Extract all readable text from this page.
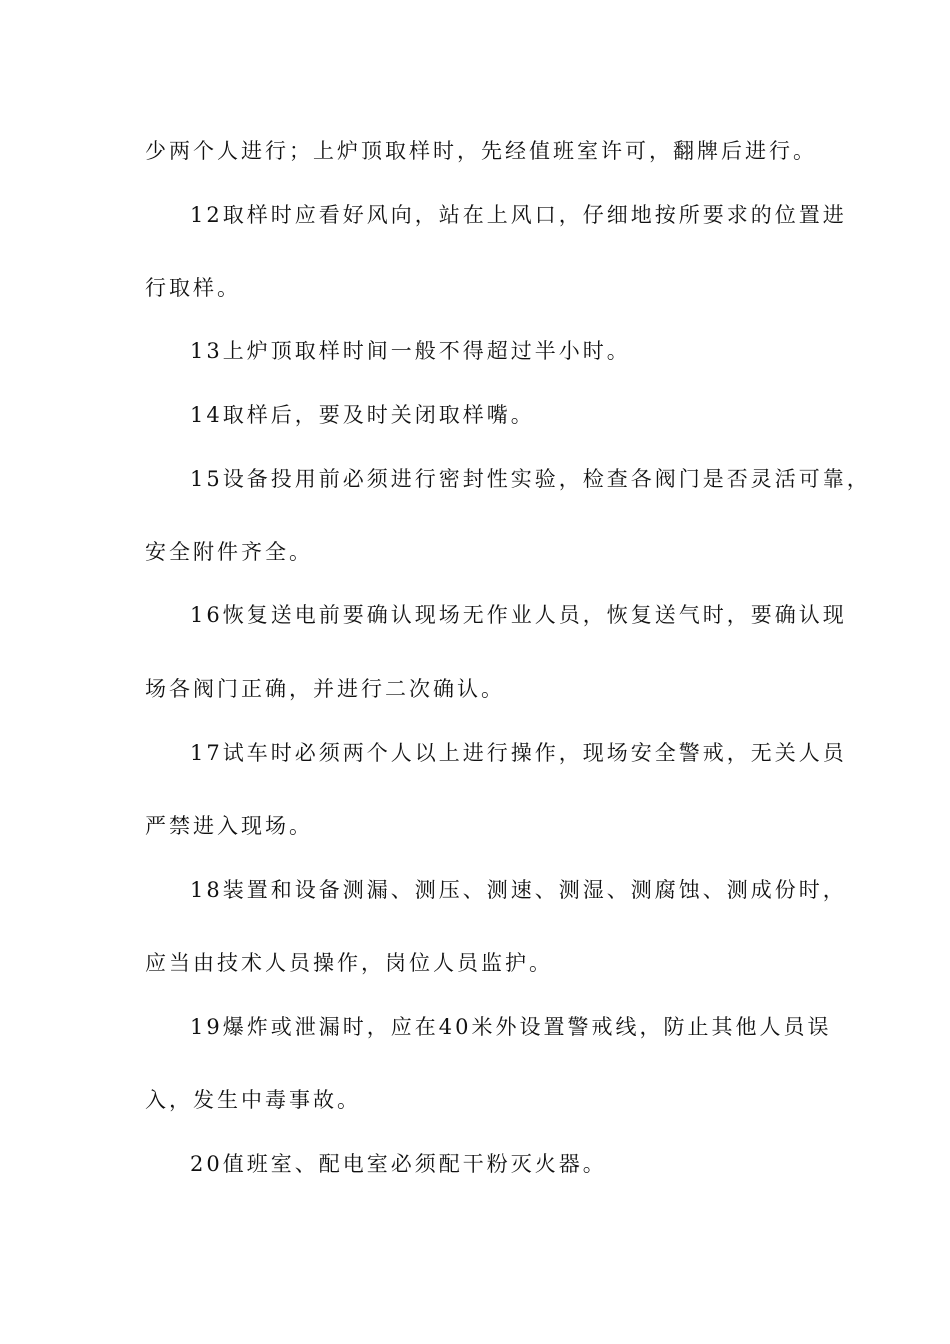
少两个人进行；上炉顶取样时，先经值班室许可，翻牌后进行。
12取样时应看好风向，站在上风口，仔细地按所要求的位置进
行取样。
13上炉顶取样时间一般不得超过半小时。
14取样后，要及时关闭取样嘴。
15设备投用前必须进行密封性实验，检查各阀门是否灵活可靠，
安全附件齐全。
16恢复送电前要确认现场无作业人员，恢复送气时，要确认现
场各阀门正确，并进行二次确认。
17试车时必须两个人以上进行操作，现场安全警戒，无关人员
严禁进入现场。
18装置和设备测漏、测压、测速、测湿、测腐蚀、测成份时，
应当由技术人员操作，岗位人员监护。
19爆炸或泄漏时，应在40米外设置警戒线，防止其他人员误
入，发生中毒事故。
20值班室、配电室必须配干粉灭火器。
